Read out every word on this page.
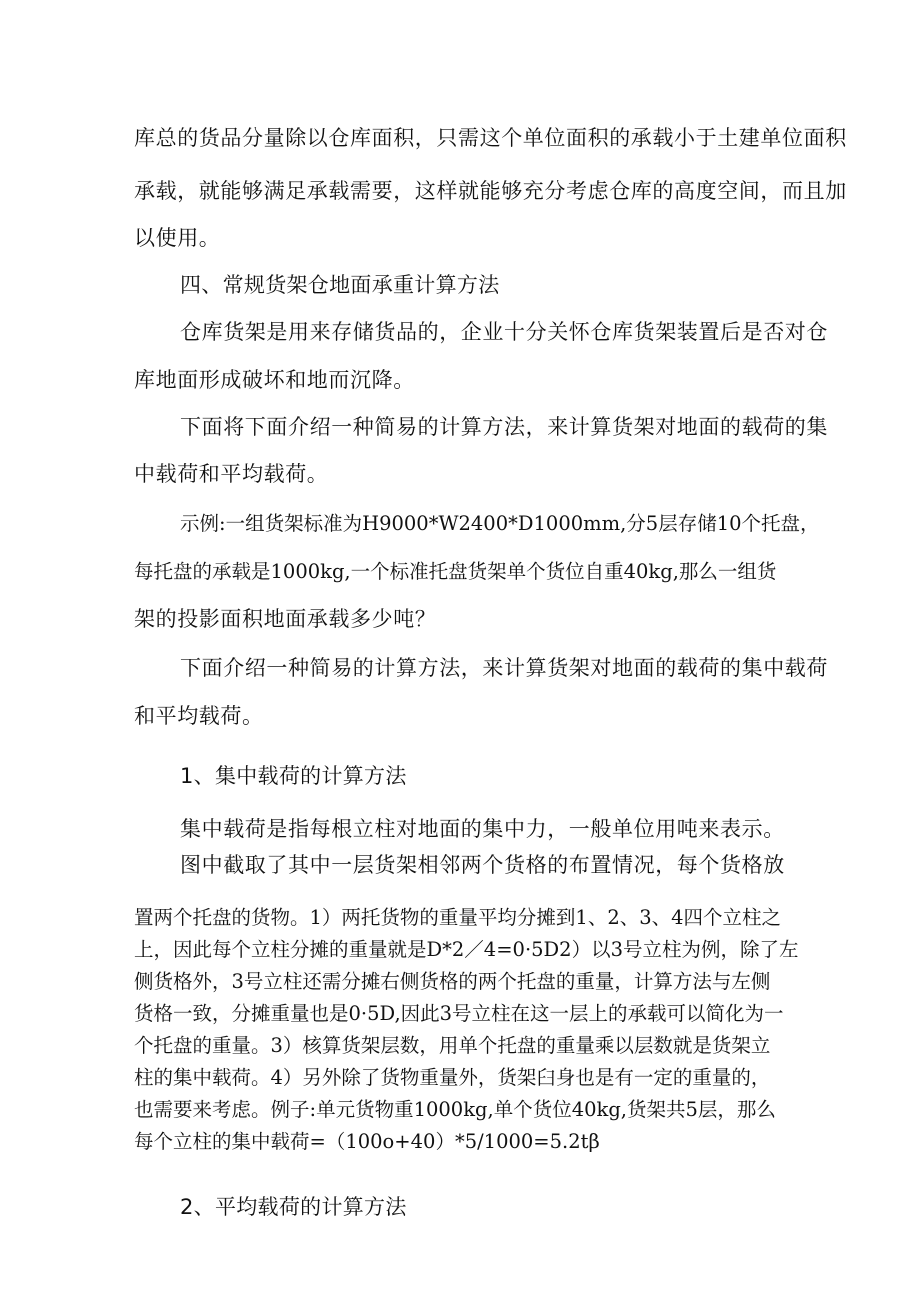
库总的货品分量除以仓库面积，只需这个单位面积的承载小于土建单位面积
承载，就能够满足承载需要，这样就能够充分考虑仓库的高度空间，而且加
以使用。
四、常规货架仓地面承重计算方法
仓库货架是用来存储货品的，企业十分关怀仓库货架装置后是否对仓
库地面形成破坏和地而沉降。
下面将下面介绍一种简易的计算方法，来计算货架对地面的载荷的集
中载荷和平均载荷。
示例:一组货架标准为H9000*W2400*D1000mm,分5层存储10个托盘，
每托盘的承载是1000kg,一个标准托盘货架单个货位自重40kg,那么一组货
架的投影面积地面承载多少吨？
下面介绍一种简易的计算方法，来计算货架对地面的载荷的集中载荷
和平均载荷。
1、集中载荷的计算方法
集中载荷是指每根立柱对地面的集中力，一般单位用吨来表示。
图中截取了其中一层货架相邻两个货格的布置情况，每个货格放
置两个托盘的货物。1）两托货物的重量平均分摊到1、2、3、4四个立柱之
上，因此每个立柱分摊的重量就是D*2／4=0·5D2）以3号立柱为例，除了左
侧货格外，3号立柱还需分摊右侧货格的两个托盘的重量，计算方法与左侧
货格一致，分摊重量也是0·5D,因此3号立柱在这一层上的承载可以简化为一
个托盘的重量。3）核算货架层数，用单个托盘的重量乘以层数就是货架立
柱的集中载荷。4）另外除了货物重量外，货架臼身也是有一定的重量的，
也需要来考虑。例子:单元货物重1000kg,单个货位40kg,货架共5层，那么
每个立柱的集中载荷=（100o+40）*5/1000=5.2tβ
2、平均载荷的计算方法
